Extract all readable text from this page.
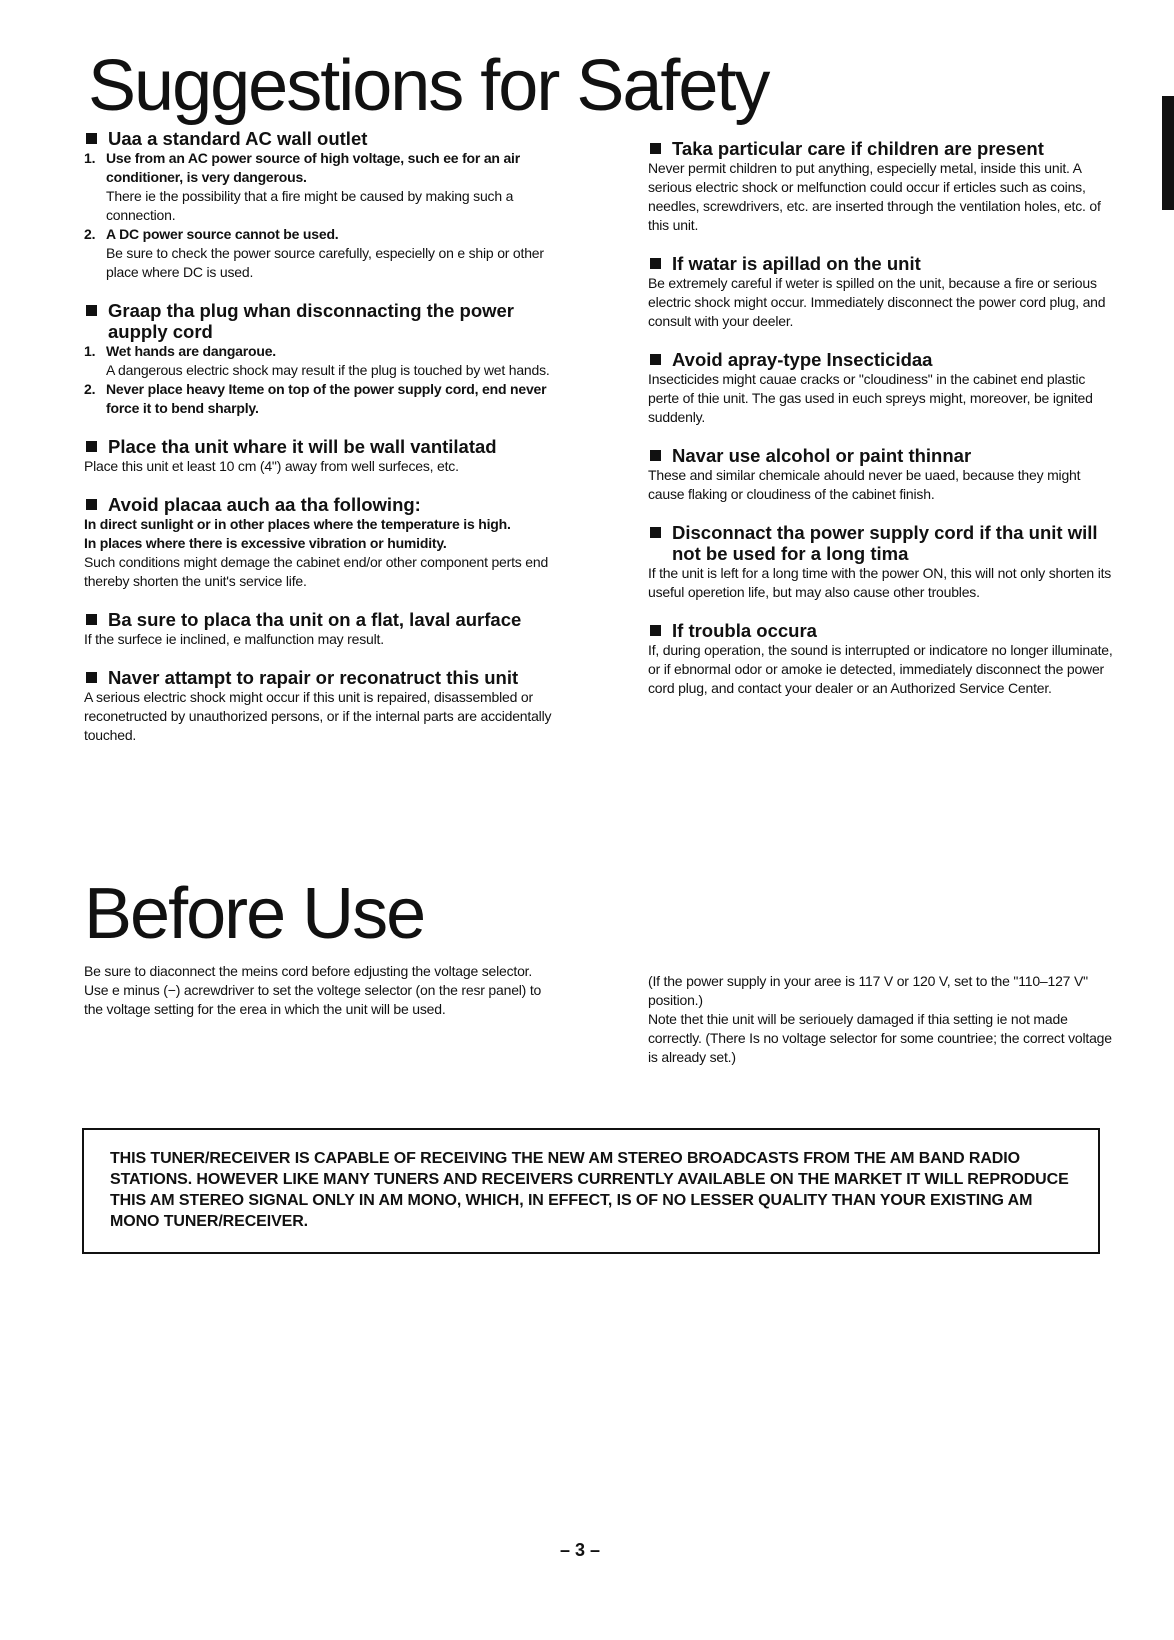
Suggestions for Safety
Uaa a standard AC wall outlet
1. Use from an AC power source of high voltage, such ee for an air conditioner, is very dangerous.
There ie the possibility that a fire might be caused by making such a connection.
2. A DC power source cannot be used.
Be sure to check the power source carefully, especielly on e ship or other place where DC is used.
Graap tha plug whan disconnacting the power aupply cord
1. Wet hands are dangaroue.
A dangerous electric shock may result if the plug is touched by wet hands.
2. Never place heavy Iteme on top of the power supply cord, end never force it to bend sharply.
Place tha unit whare it will be wall vantilatad
Place this unit et least 10 cm (4") away from well surfeces, etc.
Avoid placaa auch aa tha following:
In direct sunlight or in other places where the temperature is high.
In places where there is excessive vibration or humidity.
Such conditions might demage the cabinet end/or other component perts end thereby shorten the unit's service life.
Ba sure to placa tha unit on a flat, laval aurface
If the surfece ie inclined, e malfunction may result.
Naver attampt to rapair or reconatruct this unit
A serious electric shock might occur if this unit is repaired, disassembled or reconetructed by unauthorized persons, or if the internal parts are accidentally touched.
Taka particular care if children are present
Never permit children to put anything, especielly metal, inside this unit. A serious electric shock or melfunction could occur if erticles such as coins, needles, screwdrivers, etc. are inserted through the ventilation holes, etc. of this unit.
If watar is apillad on the unit
Be extremely careful if weter is spilled on the unit, because a fire or serious electric shock might occur. Immediately disconnect the power cord plug, and consult with your deeler.
Avoid apray-type Insecticidaa
Insecticides might cauae cracks or "cloudiness" in the cabinet end plastic perte of thie unit. The gas used in euch spreys might, moreover, be ignited suddenly.
Navar use alcohol or paint thinnar
These and similar chemicale ahould never be uaed, because they might cause flaking or cloudiness of the cabinet finish.
Disconnact tha power supply cord if tha unit will not be used for a long tima
If the unit is left for a long time with the power ON, this will not only shorten its useful operetion life, but may also cause other troubles.
If troubla occura
If, during operation, the sound is interrupted or indicatore no longer illuminate, or if ebnormal odor or amoke ie detected, immediately disconnect the power cord plug, and contact your dealer or an Authorized Service Center.
Before Use

Be sure to diaconnect the meins cord before edjusting the voltage selector.

Use e minus (−) acrewdriver to set the voltege selector (on the resr panel) to the voltage setting for the erea in which the unit will be used.

(If the power supply in your aree is 117 V or 120 V, set to the "110–127 V" position.)

Note thet thie unit will be seriouely damaged if thia setting ie not made correctly. (There Is no voltage selector for some countriee; the correct voltage is already set.)

THIS TUNER/RECEIVER IS CAPABLE OF RECEIVING THE NEW AM STEREO BROADCASTS FROM THE AM BAND RADIO STATIONS. HOWEVER LIKE MANY TUNERS AND RECEIVERS CURRENTLY AVAILABLE ON THE MARKET IT WILL REPRODUCE THIS AM STEREO SIGNAL ONLY IN AM MONO, WHICH, IN EFFECT, IS OF NO LESSER QUALITY THAN YOUR EXISTING AM MONO TUNER/RECEIVER.

– 3 –
